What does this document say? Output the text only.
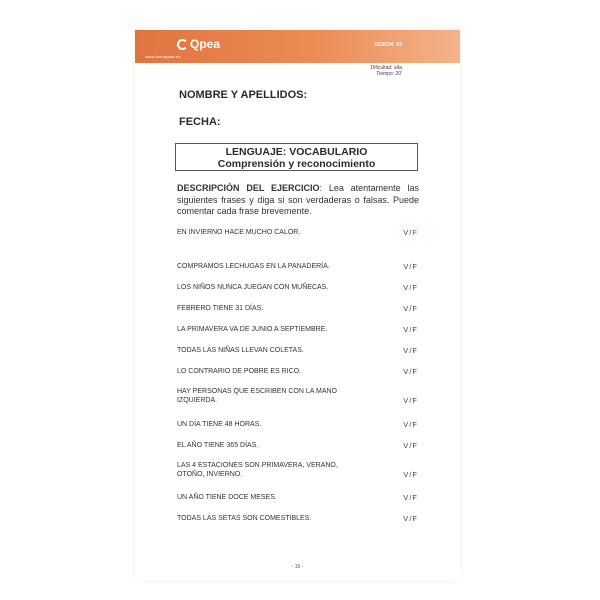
Qpea
www.tienoqpea.es
SESIÓN: 02
Dificultad: alta
Tiempo: 20'
NOMBRE Y APELLIDOS:
FECHA:
LENGUAJE: VOCABULARIO
Comprensión y reconocimiento
DESCRIPCIÓN DEL EJERCICIO: Lea atentamente las siguientes frases y diga si son verdaderas o falsas. Puede comentar cada frase brevemente.
EN INVIERNO HACE MUCHO CALOR.	V/F
COMPRAMOS LECHUGAS EN LA PANADERÍA.	V/F
LOS NIÑOS NUNCA JUEGAN CON MUÑECAS.	V/F
FEBRERO TIENE 31 DÍAS.	V/F
LA PRIMAVERA VA DE JUNIO A SEPTIEMBRE.	V/F
TODAS LAS NIÑAS LLEVAN COLETAS.	V/F
LO CONTRARIO DE POBRE ES RICO.	V/F
HAY PERSONAS QUE ESCRIBEN CON LA MANO IZQUIERDA.	V/F
UN DÍA TIENE 48 HORAS.	V/F
EL AÑO TIENE 365 DÍAS.	V/F
LAS 4 ESTACIONES SON PRIMAVERA, VERANO, OTOÑO, INVIERNO.	V/F
UN AÑO TIENE DOCE MESES.	V/F
TODAS LAS SETAS SON COMESTIBLES.	V/F
- 15 -
